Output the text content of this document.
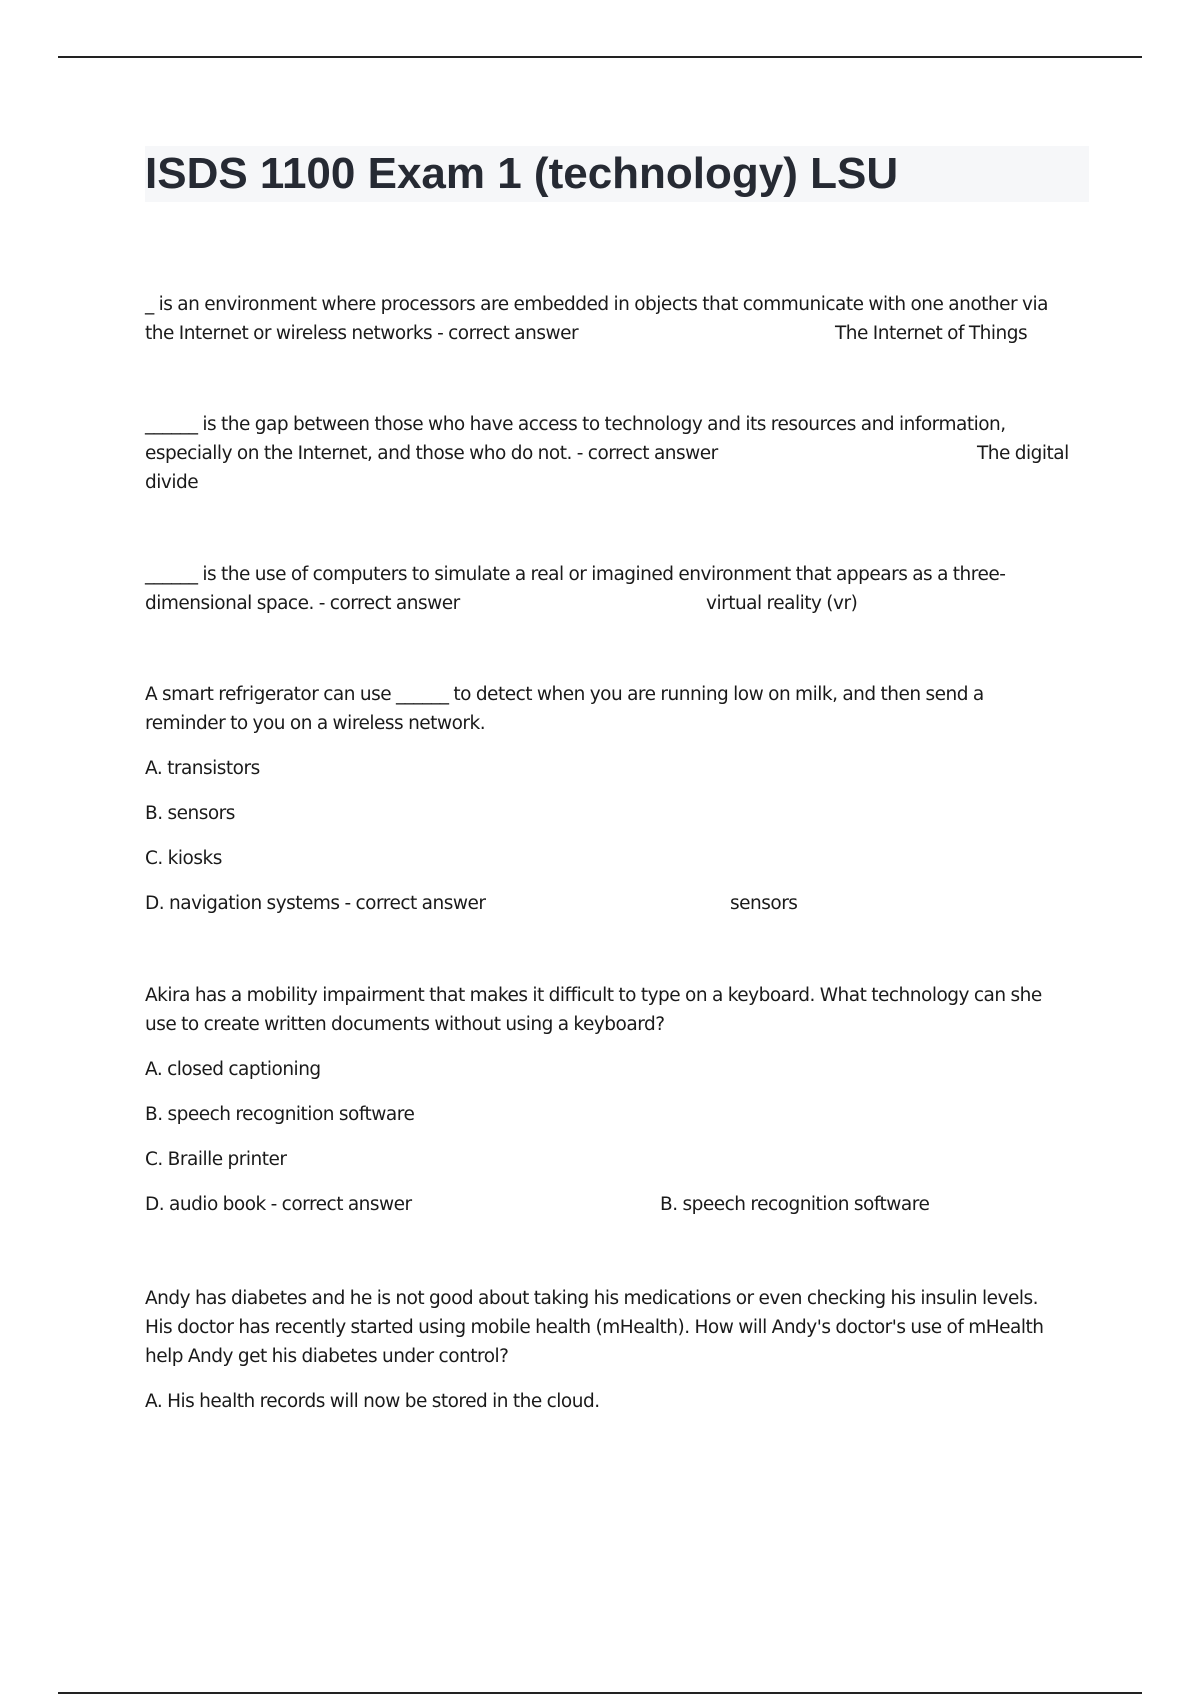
ISDS 1100 Exam 1 (technology) LSU
_ is an environment where processors are embedded in objects that communicate with one another via
the Internet or wireless networks - correct answer	The Internet of Things
______ is the gap between those who have access to technology and its resources and information,
especially on the Internet, and those who do not. - correct answer	The digital
divide
______ is the use of computers to simulate a real or imagined environment that appears as a three-
dimensional space. - correct answer	virtual reality (vr)
A smart refrigerator can use ______ to detect when you are running low on milk, and then send a
reminder to you on a wireless network.
A. transistors
B. sensors
C. kiosks
D. navigation systems - correct answer	sensors
Akira has a mobility impairment that makes it difficult to type on a keyboard. What technology can she
use to create written documents without using a keyboard?
A. closed captioning
B. speech recognition software
C. Braille printer
D. audio book - correct answer	B. speech recognition software
Andy has diabetes and he is not good about taking his medications or even checking his insulin levels.
His doctor has recently started using mobile health (mHealth). How will Andy's doctor's use of mHealth
help Andy get his diabetes under control?
A. His health records will now be stored in the cloud.
